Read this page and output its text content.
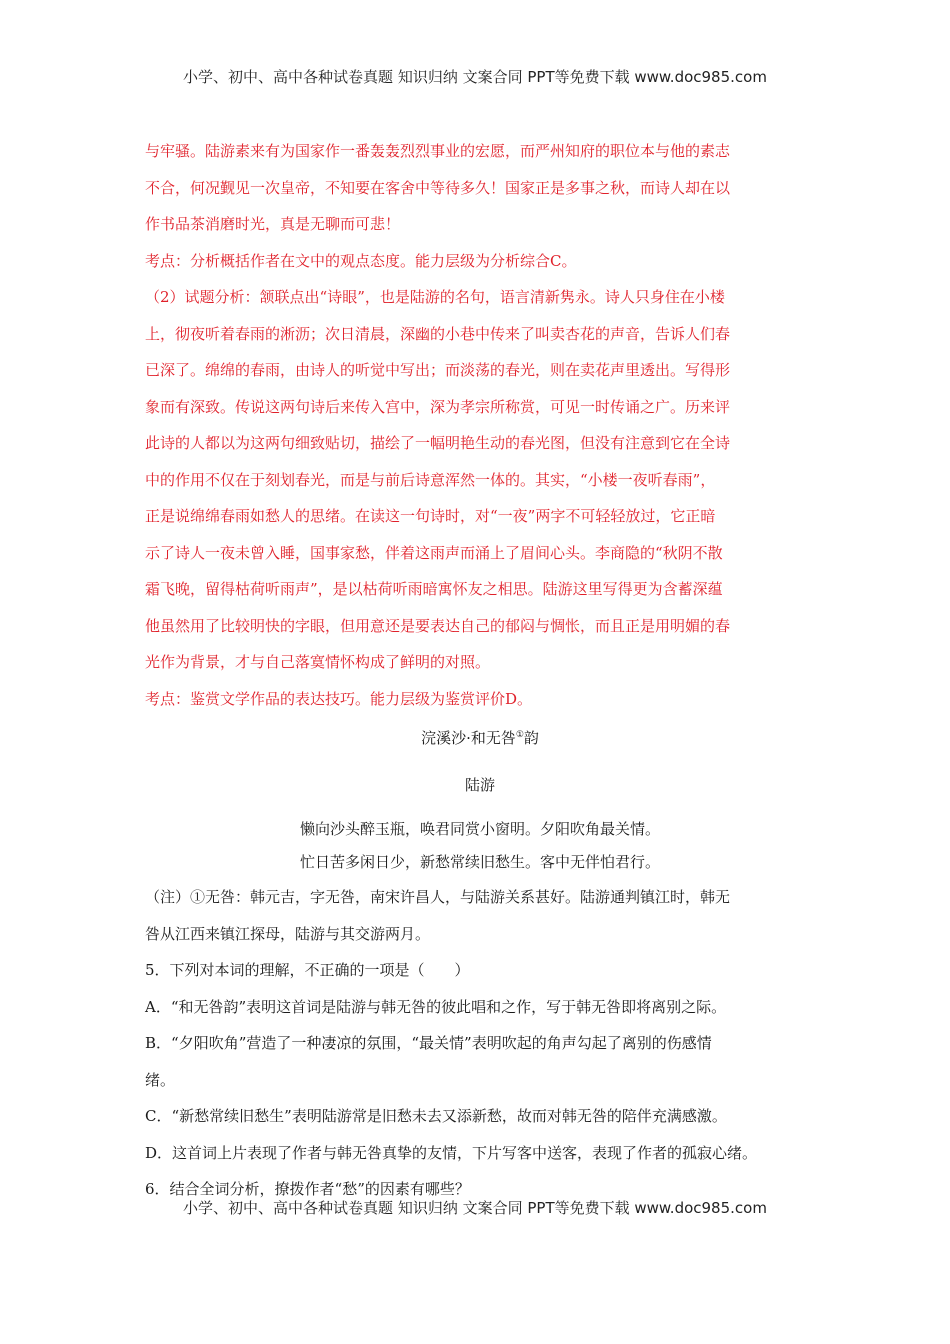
小学、初中、高中各种试卷真题 知识归纳 文案合同 PPT等免费下载 www.doc985.com

与牢骚。陆游素来有为国家作一番轰轰烈烈事业的宏愿，而严州知府的职位本与他的素志

不合，何况觐见一次皇帝，不知要在客舍中等待多久！国家正是多事之秋，而诗人却在以

作书品茶消磨时光，真是无聊而可悲！

考点：分析概括作者在文中的观点态度。能力层级为分析综合C。

（2）试题分析：颔联点出“诗眼”，也是陆游的名句，语言清新隽永。诗人只身住在小楼

上，彻夜听着春雨的淅沥；次日清晨，深幽的小巷中传来了叫卖杏花的声音，告诉人们春

已深了。绵绵的春雨，由诗人的听觉中写出；而淡荡的春光，则在卖花声里透出。写得形

象而有深致。传说这两句诗后来传入宫中，深为孝宗所称赏，可见一时传诵之广。历来评

此诗的人都以为这两句细致贴切，描绘了一幅明艳生动的春光图，但没有注意到它在全诗

中的作用不仅在于刻划春光，而是与前后诗意浑然一体的。其实，“小楼一夜听春雨”，

正是说绵绵春雨如愁人的思绪。在读这一句诗时，对“一夜”两字不可轻轻放过，它正暗

示了诗人一夜未曾入睡，国事家愁，伴着这雨声而涌上了眉间心头。李商隐的“秋阴不散

霜飞晚，留得枯荷听雨声”，是以枯荷听雨暗寓怀友之相思。陆游这里写得更为含蓄深蕴

他虽然用了比较明快的字眼，但用意还是要表达自己的郁闷与惆怅，而且正是用明媚的春

光作为背景，才与自己落寞情怀构成了鲜明的对照。

考点：鉴赏文学作品的表达技巧。能力层级为鉴赏评价D。

浣溪沙·和无咎①韵

陆游

懒向沙头醉玉瓶，唤君同赏小窗明。夕阳吹角最关情。

忙日苦多闲日少，新愁常续旧愁生。客中无伴怕君行。

（注）①无咎：韩元吉，字无咎，南宋许昌人，与陆游关系甚好。陆游通判镇江时，韩无

咎从江西来镇江探母，陆游与其交游两月。

5．下列对本词的理解，不正确的一项是（　　）

A．“和无咎韵”表明这首词是陆游与韩无咎的彼此唱和之作，写于韩无咎即将离别之际。

B．“夕阳吹角”营造了一种凄凉的氛围，“最关情”表明吹起的角声勾起了离别的伤感情

绪。

C．“新愁常续旧愁生”表明陆游常是旧愁未去又添新愁，故而对韩无咎的陪伴充满感激。

D．这首词上片表现了作者与韩无咎真挚的友情，下片写客中送客，表现了作者的孤寂心绪。

6．结合全词分析，撩拨作者“愁”的因素有哪些？

小学、初中、高中各种试卷真题 知识归纳 文案合同 PPT等免费下载 www.doc985.com
